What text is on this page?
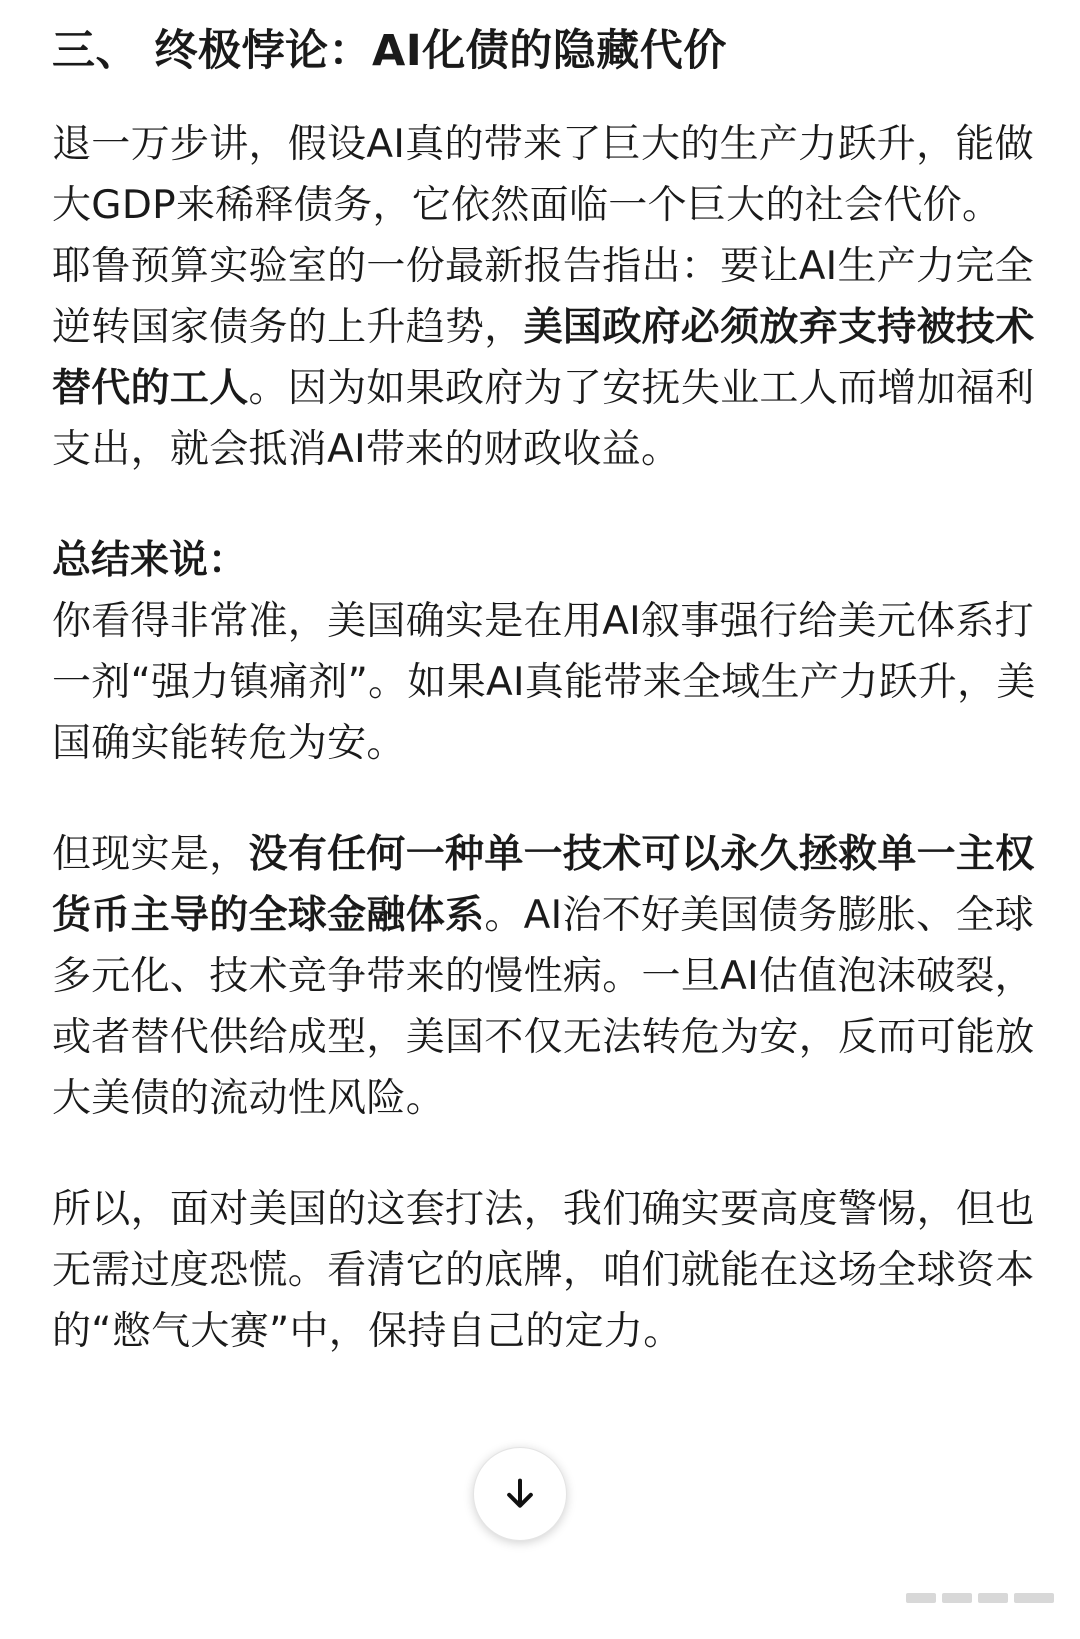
三、 终极悖论：AI化债的隐藏代价

退一万步讲，假设AI真的带来了巨大的生产力跃升，能做大GDP来稀释债务，它依然面临一个巨大的社会代价。

耶鲁预算实验室的一份最新报告指出：要让AI生产力完全逆转国家债务的上升趋势，美国政府必须放弃支持被技术替代的工人。因为如果政府为了安抚失业工人而增加福利支出，就会抵消AI带来的财政收益。

总结来说：

你看得非常准，美国确实是在用AI叙事强行给美元体系打一剂“强力镇痛剂”。如果AI真能带来全域生产力跃升，美国确实能转危为安。

但现实是，没有任何一种单一技术可以永久拯救单一主权货币主导的全球金融体系。AI治不好美国债务膨胀、全球多元化、技术竞争带来的慢性病。一旦AI估值泡沫破裂，或者替代供给成型，美国不仅无法转危为安，反而可能放大美债的流动性风险。

所以，面对美国的这套打法，我们确实要高度警惕，但也无需过度恐慌。看清它的底牌，咱们就能在这场全球资本的“憋气大赛”中，保持自己的定力。
